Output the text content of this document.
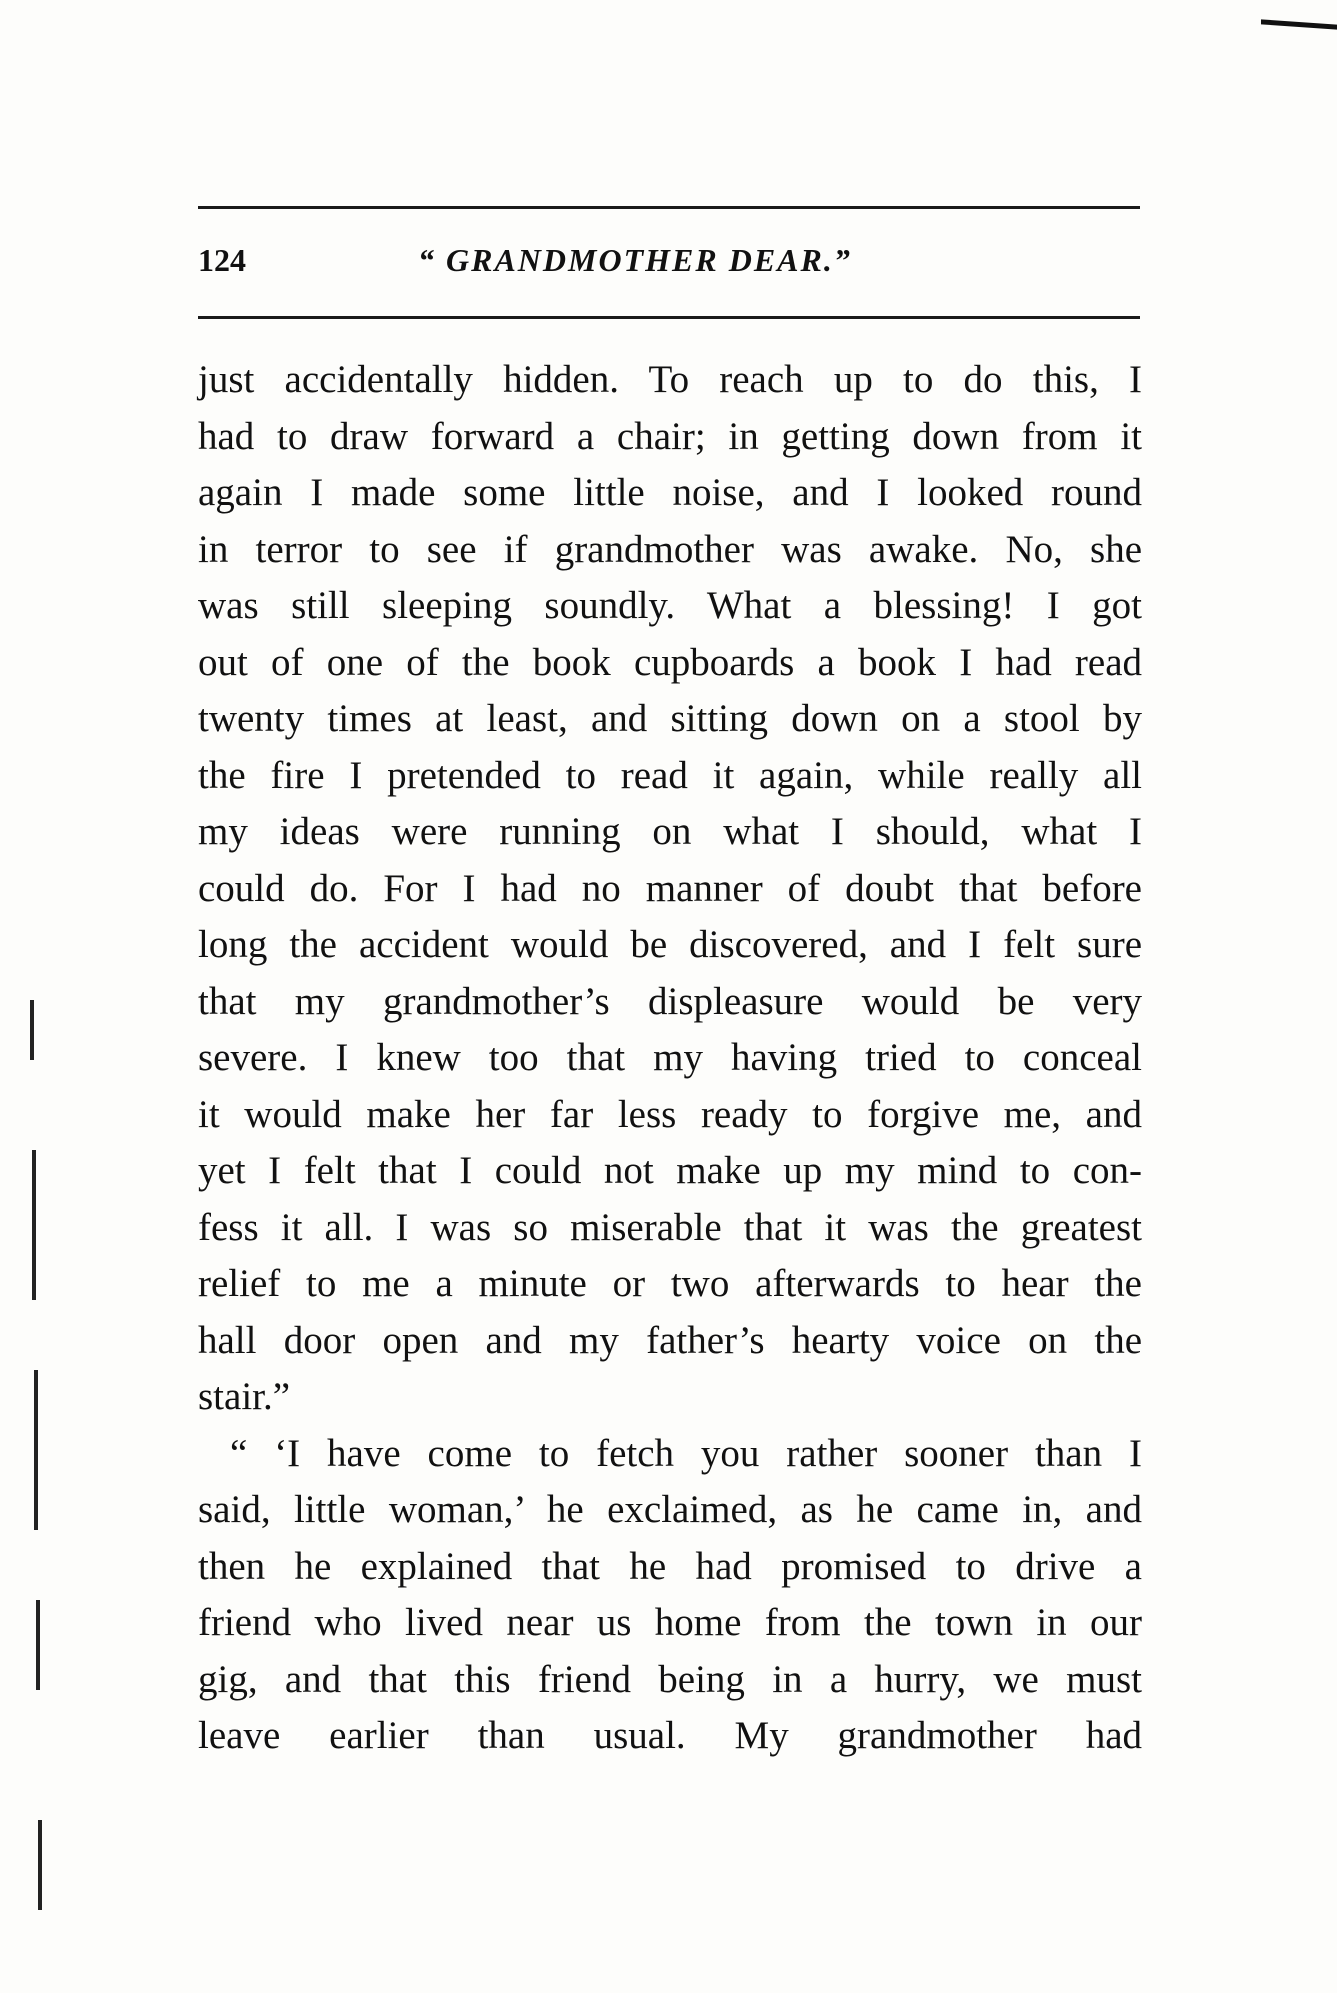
124	“ GRANDMOTHER DEAR.”
just accidentally hidden. To reach up to do this, I
had to draw forward a chair; in getting down from it
again I made some little noise, and I looked round
in terror to see if grandmother was awake. No, she
was still sleeping soundly. What a blessing! I got
out of one of the book cupboards a book I had read
twenty times at least, and sitting down on a stool by
the fire I pretended to read it again, while really all
my ideas were running on what I should, what I
could do. For I had no manner of doubt that before
long the accident would be discovered, and I felt sure
that my grandmother’s displeasure would be very
severe. I knew too that my having tried to conceal
it would make her far less ready to forgive me, and
yet I felt that I could not make up my mind to con-
fess it all. I was so miserable that it was the greatest
relief to me a minute or two afterwards to hear the
hall door open and my father’s hearty voice on the
stair.”
“ ‘I have come to fetch you rather sooner than I
said, little woman,’ he exclaimed, as he came in, and
then he explained that he had promised to drive a
friend who lived near us home from the town in our
gig, and that this friend being in a hurry, we must
leave earlier than usual. My grandmother had
